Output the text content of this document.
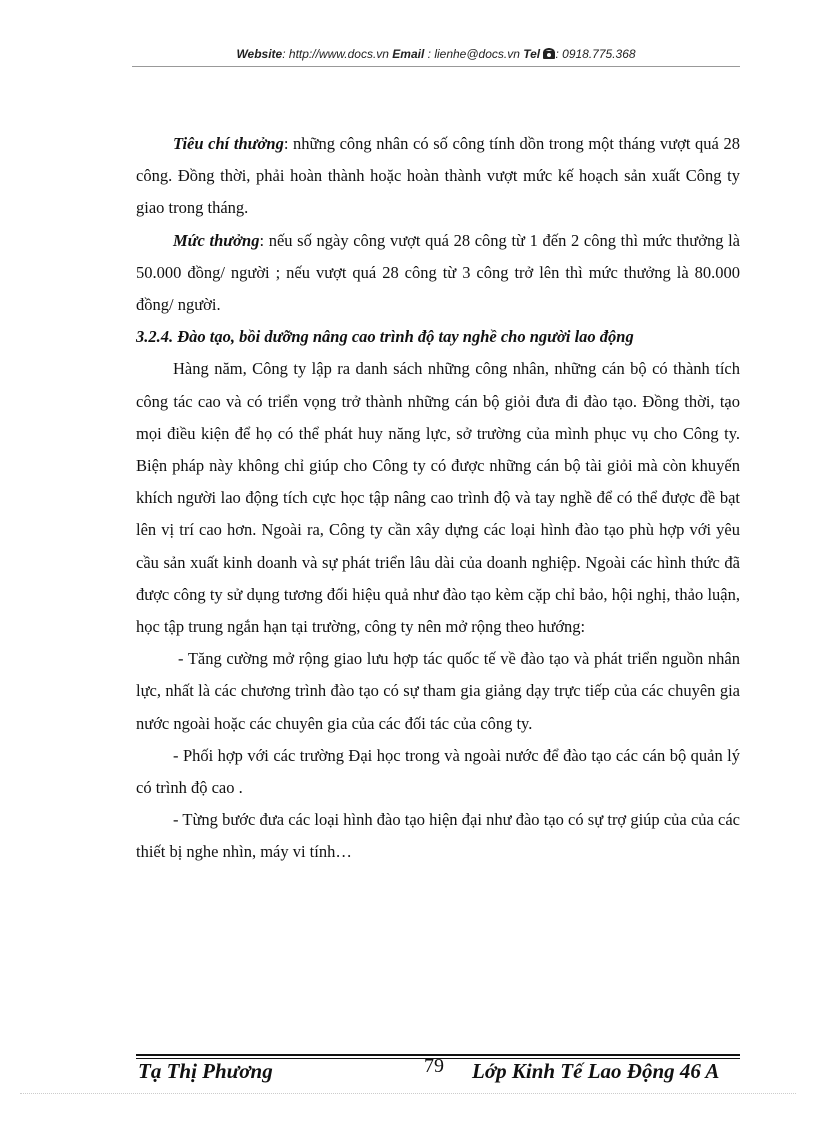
Website: http://www.docs.vn Email : lienhe@docs.vn Tel : 0918.775.368

Tiêu chí thưởng: những công nhân có số công tính dồn trong một tháng vượt quá 28 công. Đồng thời, phải hoàn thành hoặc hoàn thành vượt mức kế hoạch sản xuất Công ty giao trong tháng.

Mức thưởng: nếu số ngày công vượt quá 28 công từ 1 đến 2 công thì mức thưởng là 50.000 đồng/ người ; nếu vượt quá 28 công từ 3 công trở lên thì mức thưởng là 80.000 đồng/ người.

3.2.4. Đào tạo, bồi dưỡng nâng cao trình độ tay nghề cho người lao động

Hàng năm, Công ty lập ra danh sách những công nhân, những cán bộ có thành tích công tác cao và có triển vọng trở thành những cán bộ giỏi đưa đi đào tạo. Đồng thời, tạo mọi điều kiện để họ có thể phát huy năng lực, sở trường của mình phục vụ cho Công ty. Biện pháp này không chỉ giúp cho Công ty có được những cán bộ tài giỏi mà còn khuyến khích người lao động tích cực học tập nâng cao trình độ và tay nghề để có thể được đề bạt lên vị trí cao hơn. Ngoài ra, Công ty cần xây dựng các loại hình đào tạo phù hợp với yêu cầu sản xuất kinh doanh và sự phát triển lâu dài của doanh nghiệp. Ngoài các hình thức đã được công ty sử dụng tương đối hiệu quả như đào tạo kèm cặp chỉ bảo, hội nghị, thảo luận, học tập trung ngắn hạn tại trường, công ty nên mở rộng theo hướng:

- Tăng cường mở rộng giao lưu hợp tác quốc tế về đào tạo và phát triển nguồn nhân lực, nhất là các chương trình đào tạo có sự tham gia giảng dạy trực tiếp của các chuyên gia nước ngoài hoặc các chuyên gia của các đối tác của công ty.

- Phối hợp với các trường Đại học trong và ngoài nước để đào tạo các cán bộ quản lý có trình độ cao .

- Từng bước đưa các loại hình đào tạo hiện đại như đào tạo có sự trợ giúp của của các thiết bị nghe nhìn, máy vi tính…

Tạ Thị Phương	79 Lớp Kinh Tế Lao Động 46 A
